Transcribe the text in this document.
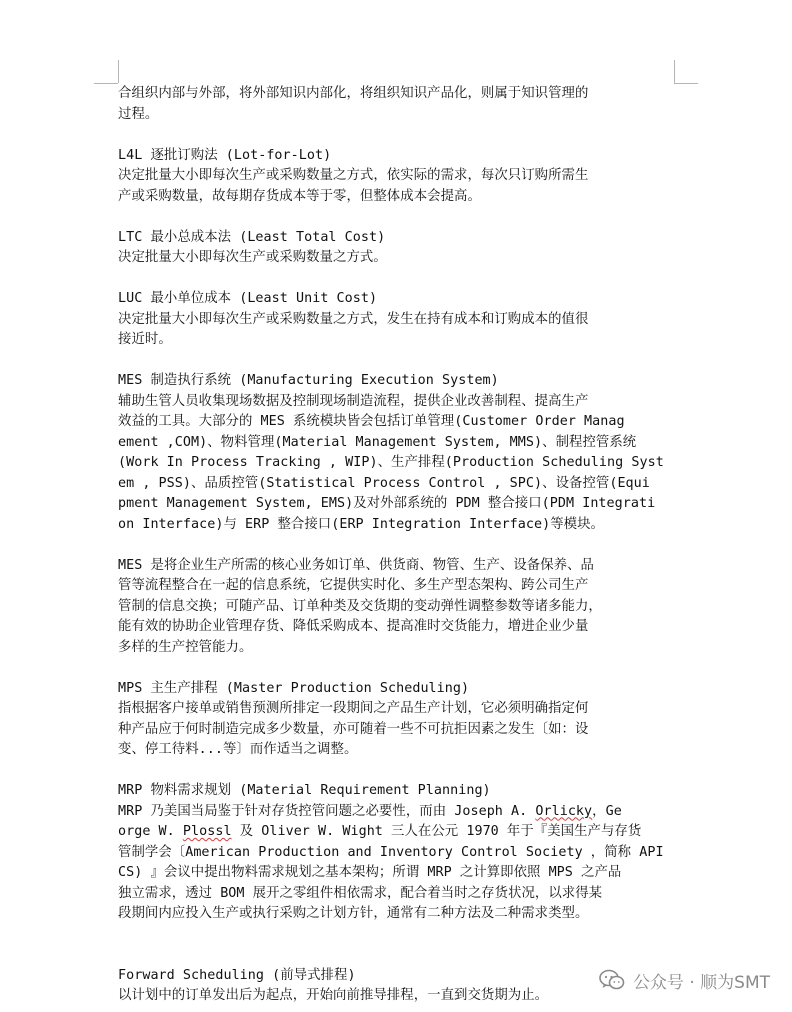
合组织内部与外部，将外部知识内部化，将组织知识产品化，则属于知识管理的
过程。
L4L 逐批订购法 (Lot-for-Lot)
决定批量大小即每次生产或采购数量之方式，依实际的需求，每次只订购所需生
产或采购数量，故每期存货成本等于零，但整体成本会提高。
LTC 最小总成本法 (Least Total Cost)
决定批量大小即每次生产或采购数量之方式。
LUC 最小单位成本 (Least Unit Cost)
决定批量大小即每次生产或采购数量之方式，发生在持有成本和订购成本的值很
接近时。
MES 制造执行系统 (Manufacturing Execution System)
辅助生管人员收集现场数据及控制现场制造流程，提供企业改善制程、提高生产
效益的工具。大部分的 MES 系统模块皆会包括订单管理(Customer Order Manag
ement ,COM)、物料管理(Material Management System, MMS)、制程控管系统
(Work In Process Tracking , WIP)、生产排程(Production Scheduling Syst
em , PSS)、品质控管(Statistical Process Control , SPC)、设备控管(Equi
pment Management System, EMS)及对外部系统的 PDM 整合接口(PDM Integrati
on Interface)与 ERP 整合接口(ERP Integration Interface)等模块。
MES 是将企业生产所需的核心业务如订单、供货商、物管、生产、设备保养、品
管等流程整合在一起的信息系统，它提供实时化、多生产型态架构、跨公司生产
管制的信息交换；可随产品、订单种类及交货期的变动弹性调整参数等诸多能力，
能有效的协助企业管理存货、降低采购成本、提高准时交货能力，增进企业少量
多样的生产控管能力。
MPS 主生产排程 (Master Production Scheduling)
指根据客户接单或销售预测所排定一段期间之产品生产计划，它必须明确指定何
种产品应于何时制造完成多少数量，亦可随着一些不可抗拒因素之发生〔如：设
变、停工待料...等〕而作适当之调整。
MRP 物料需求规划 (Material Requirement Planning)
MRP 乃美国当局鉴于针对存货控管问题之必要性，而由 Joseph A. Orlicky，Ge
orge W. Plossl 及 Oliver W. Wight 三人在公元 1970 年于『美国生产与存货
管制学会〔American Production and Inventory Control Society ，简称 API
CS) 』会议中提出物料需求规划之基本架构；所谓 MRP 之计算即依照 MPS 之产品
独立需求，透过 BOM 展开之零组件相依需求，配合着当时之存货状况，以求得某
段期间内应投入生产或执行采购之计划方针，通常有二种方法及二种需求类型。
Forward Scheduling (前导式排程)
以计划中的订单发出后为起点，开始向前推导排程，一直到交货期为止。
公众号 · 顺为SMT
